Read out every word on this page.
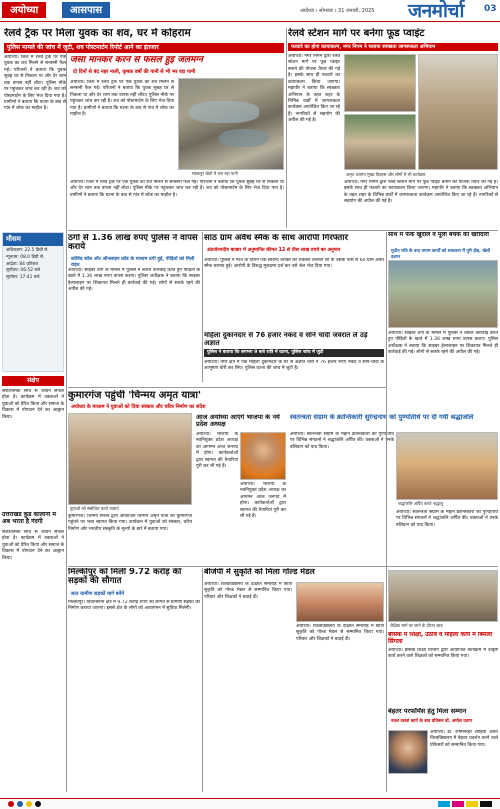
अयोध्या	आसपास	अयोध्या । सोमवार । 31 जनवरी, 2025 जनमोर्चा 03
रेलवे ट्रैक पर मिला युवक का शव, घर में कोहराम
पुलिस मामले की जांच में जुटी, शव पोस्टमार्टम रिपोर्ट आने का इंतजार
अयोध्या। जिले में रेलवे ट्रैक पर एक युवक का शव मिलने से सनसनी फैल गई। परिजनों ने बताया कि युवक सुबह घर से निकला था और देर शाम तक वापस नहीं लौटा। पुलिस मौके पर पहुंचकर जांच कर रही है। शव को पोस्टमार्टम के लिए भेज दिया गया है। ग्रामीणों ने बताया कि घटना के बाद से गांव में शोक का माहौल है।
जैसा मानकर करने से फसलें हुई जलमग्न
दो दिनों से बंद नहर नाली, कृषक वर्षों की पानी से भी भर रहा पानी
अयोध्या। जिले में रेलवे ट्रैक पर एक युवक का शव मिलने से सनसनी फैल गई। परिजनों ने बताया कि युवक सुबह घर से निकला था और देर शाम तक वापस नहीं लौटा। पुलिस मौके पर पहुंचकर जांच कर रही है। शव को पोस्टमार्टम के लिए भेज दिया गया है। ग्रामीणों ने बताया कि घटना के बाद से गांव में शोक का माहौल है।
मड़कपुर खेतों में भरा रहा पानी
अयोध्या। जिले में रेलवे ट्रैक पर एक युवक का शव मिलने से सनसनी फैल गई। परिजनों ने बताया कि युवक सुबह घर से निकला था और देर शाम तक वापस नहीं लौटा। पुलिस मौके पर पहुंचकर जांच कर रही है। शव को पोस्टमार्टम के लिए भेज दिया गया है। ग्रामीणों ने बताया कि घटना के बाद से गांव में शोक का माहौल है।
रेलवे स्टेशन मार्ग पर बनेगा फूड प्वाइंट
फव्वारे का होगा कायाकल्प, नगर निगम ने चलाया स्वच्छता जागरूकता अभियान
अयोध्या। नगर निगम द्वारा रेलवे स्टेशन मार्ग पर फूड प्वाइंट बनाने की योजना तैयार की गई है। इसके साथ ही फव्वारे का कायाकल्प किया जाएगा। महापौर ने बताया कि स्वच्छता अभियान के तहत शहर के विभिन्न वार्डों में जागरूकता कार्यक्रम आयोजित किए जा रहे हैं। नागरिकों से सहयोग की अपील की गई है।
अमृत अंतर्गत मुख्य विकास और लोगों में भी कार्यक्रम
अयोध्या। नगर निगम द्वारा रेलवे स्टेशन मार्ग पर फूड प्वाइंट बनाने की योजना तैयार की गई है। इसके साथ ही फव्वारे का कायाकल्प किया जाएगा। महापौर ने बताया कि स्वच्छता अभियान के तहत शहर के विभिन्न वार्डों में जागरूकता कार्यक्रम आयोजित किए जा रहे हैं। नागरिकों से सहयोग की अपील की गई है।
मौसम
अधिकतम: 22.5 डिग्री से.
न्यूनतम: 08.0 डिग्री से.
आर्द्रता: 84 प्रतिशत
सूर्योदय: 06:52 बजे
सूर्यास्त: 17:41 बजे
संक्षेप
सकारात्मक सोच से जीवन सफल होता है। कार्यक्रम में वक्ताओं ने युवाओं को प्रेरित किया और समाज के विकास में योगदान देने का आह्वान किया।
उत्तराखंड कुंड कॉलोनी में अब भरता है गंदगी
सकारात्मक सोच से जीवन सफल होता है। कार्यक्रम में वक्ताओं ने युवाओं को प्रेरित किया और समाज के विकास में योगदान देने का आह्वान किया।
ठगों से 1.36 लाख रुपए पुलिस ने वापस कराये
कोविड कॉल और ऑनलाइन फ्रॉड के माध्यम ठगी हुई, पीड़ितों को मिली राहत
अयोध्या। साइबर ठगी के मामले में पुलिस ने त्वरित कार्रवाई करते हुए पीड़ितों के खाते में 1.36 लाख रुपए वापस कराए। पुलिस अधीक्षक ने बताया कि साइबर हेल्पलाइन पर शिकायत मिलते ही कार्रवाई की गई। लोगों से सतर्क रहने की अपील की गई।
साठ ग्राम अवैध स्मैक के साथ आरोपी गिरफ्तार
अंतर्जनपदीय बाजार में अनुमानित कीमत 12 से तीस लाख रुपये का अनुमान
अयोध्या। पुलिस ने गश्त के दौरान एक संदिग्ध व्यक्ति को रोककर तलाशी ली तो उसके पास से 60 ग्राम अवैध स्मैक बरामद हुई। आरोपी के विरुद्ध मुकदमा दर्ज कर उसे जेल भेज दिया गया।
साथ में फेंके खुदाले व मूली बचके की खरीदारी
मुदीत रात्रि के बाद तमाम कार्यों को सफलता में पुरी होड़, खेलों ढलान
अयोध्या। साइबर ठगी के मामले में पुलिस ने त्वरित कार्रवाई करते हुए पीड़ितों के खाते में 1.36 लाख रुपए वापस कराए। पुलिस अधीक्षक ने बताया कि साइबर हेल्पलाइन पर शिकायत मिलते ही कार्रवाई की गई। लोगों से सतर्क रहने की अपील की गई।
महिला दुकानदार से 76 हजार नकद व सोने चांदी जवरात ले उड़े अज्ञात
पुलिस ने बताया कि लगभग 9 बजे रात्रि में घटना, पुलिस जांच में जुटी
अयोध्या। नगर क्षेत्र में एक महिला दुकानदार के घर से अज्ञात चोरों ने 76 हजार रुपए नकद व सोने-चांदी के आभूषण चोरी कर लिए। पुलिस घटना की जांच में जुटी है।
कुमारगंज पहुंची 'चिन्मय अमृत यात्रा'
अयोध्या के माध्यम ने युवाओं को दिया संस्कार और चरित्र निर्माण का संदेश
युवाओं को संबोधित करते यात्राएं
कुमारगंज। चिन्मय मिशन द्वारा आयोजित चिन्मय अमृत यात्रा का कुमारगंज पहुंचने पर भव्य स्वागत किया गया। कार्यक्रम में युवाओं को संस्कार, चरित्र निर्माण और भारतीय संस्कृति के मूल्यों के बारे में बताया गया।
आज अयोध्या आएंगे भाजपा के नये प्रदेश अध्यक्ष
अयोध्या। भाजपा के नवनियुक्त प्रदेश अध्यक्ष का आगमन आज जनपद में होगा। कार्यकर्ताओं द्वारा स्वागत की तैयारियां पूरी कर ली गई हैं।
अयोध्या। भाजपा के नवनियुक्त प्रदेश अध्यक्ष का आगमन आज जनपद में होगा। कार्यकर्ताओं द्वारा स्वागत की तैयारियां पूरी कर ली गई हैं।
स्वतन्त्रता संग्राम के क्रान्तिकारी सुरेन्द्रनाथ को पुण्यतिथि पर दी गयी श्रद्धांजलि
अयोध्या। स्वतन्त्रता संग्राम के महान क्रान्तिकारी की पुण्यतिथि पर विभिन्न संगठनों ने श्रद्धांजलि अर्पित की। वक्ताओं ने उनके बलिदान को याद किया।
श्रद्धांजलि अर्पित करते श्रद्धालु
अयोध्या। स्वतन्त्रता संग्राम के महान क्रान्तिकारी की पुण्यतिथि पर विभिन्न संगठनों ने श्रद्धांजलि अर्पित की। वक्ताओं ने उनके बलिदान को याद किया।
मिल्कीपुर को मिली 9.72 करोड़ की सड़कों की सौगात
सात ग्रामीण सड़कों मार्ग बनेंगे
मिल्कीपुर। विधानसभा क्षेत्र में 9.72 करोड़ रुपए की लागत से ग्रामीण सड़कों का निर्माण कराया जाएगा। इससे क्षेत्र के लोगों को आवागमन में सुविधा मिलेगी।
बीजेपी में सुकृति को मिला गोल्ड मेडल
अयोध्या। विश्वविद्यालय के दीक्षांत समारोह में छात्रा सुकृति को गोल्ड मेडल से सम्मानित किया गया। परिवार और शिक्षकों ने बधाई दी।
अयोध्या। विश्वविद्यालय के दीक्षांत समारोह में छात्रा सुकृति को गोल्ड मेडल से सम्मानित किया गया। परिवार और शिक्षकों ने बधाई दी।
शैक्षिक मार्ग पर जाने के दौरान छात्र
बेसिक में शिक्षा, उठाव व महिला कार्य में बिमला सिंगला
अयोध्या। बेसिक शिक्षा विभाग द्वारा आयोजित कार्यक्रम में उत्कृष्ट कार्य करने वाले शिक्षकों को सम्मानित किया गया।
बेहतर परफॉर्मेंस हेतु मिला सम्मान
नवल दसवां कार्य के बाद प्रोफेसर डॉ. अमोल प्रताप
अयोध्या। डॉ. राममनोहर लोहिया अवध विश्वविद्यालय में बेहतर प्रदर्शन करने वाले प्रोफेसरों को सम्मानित किया गया।
